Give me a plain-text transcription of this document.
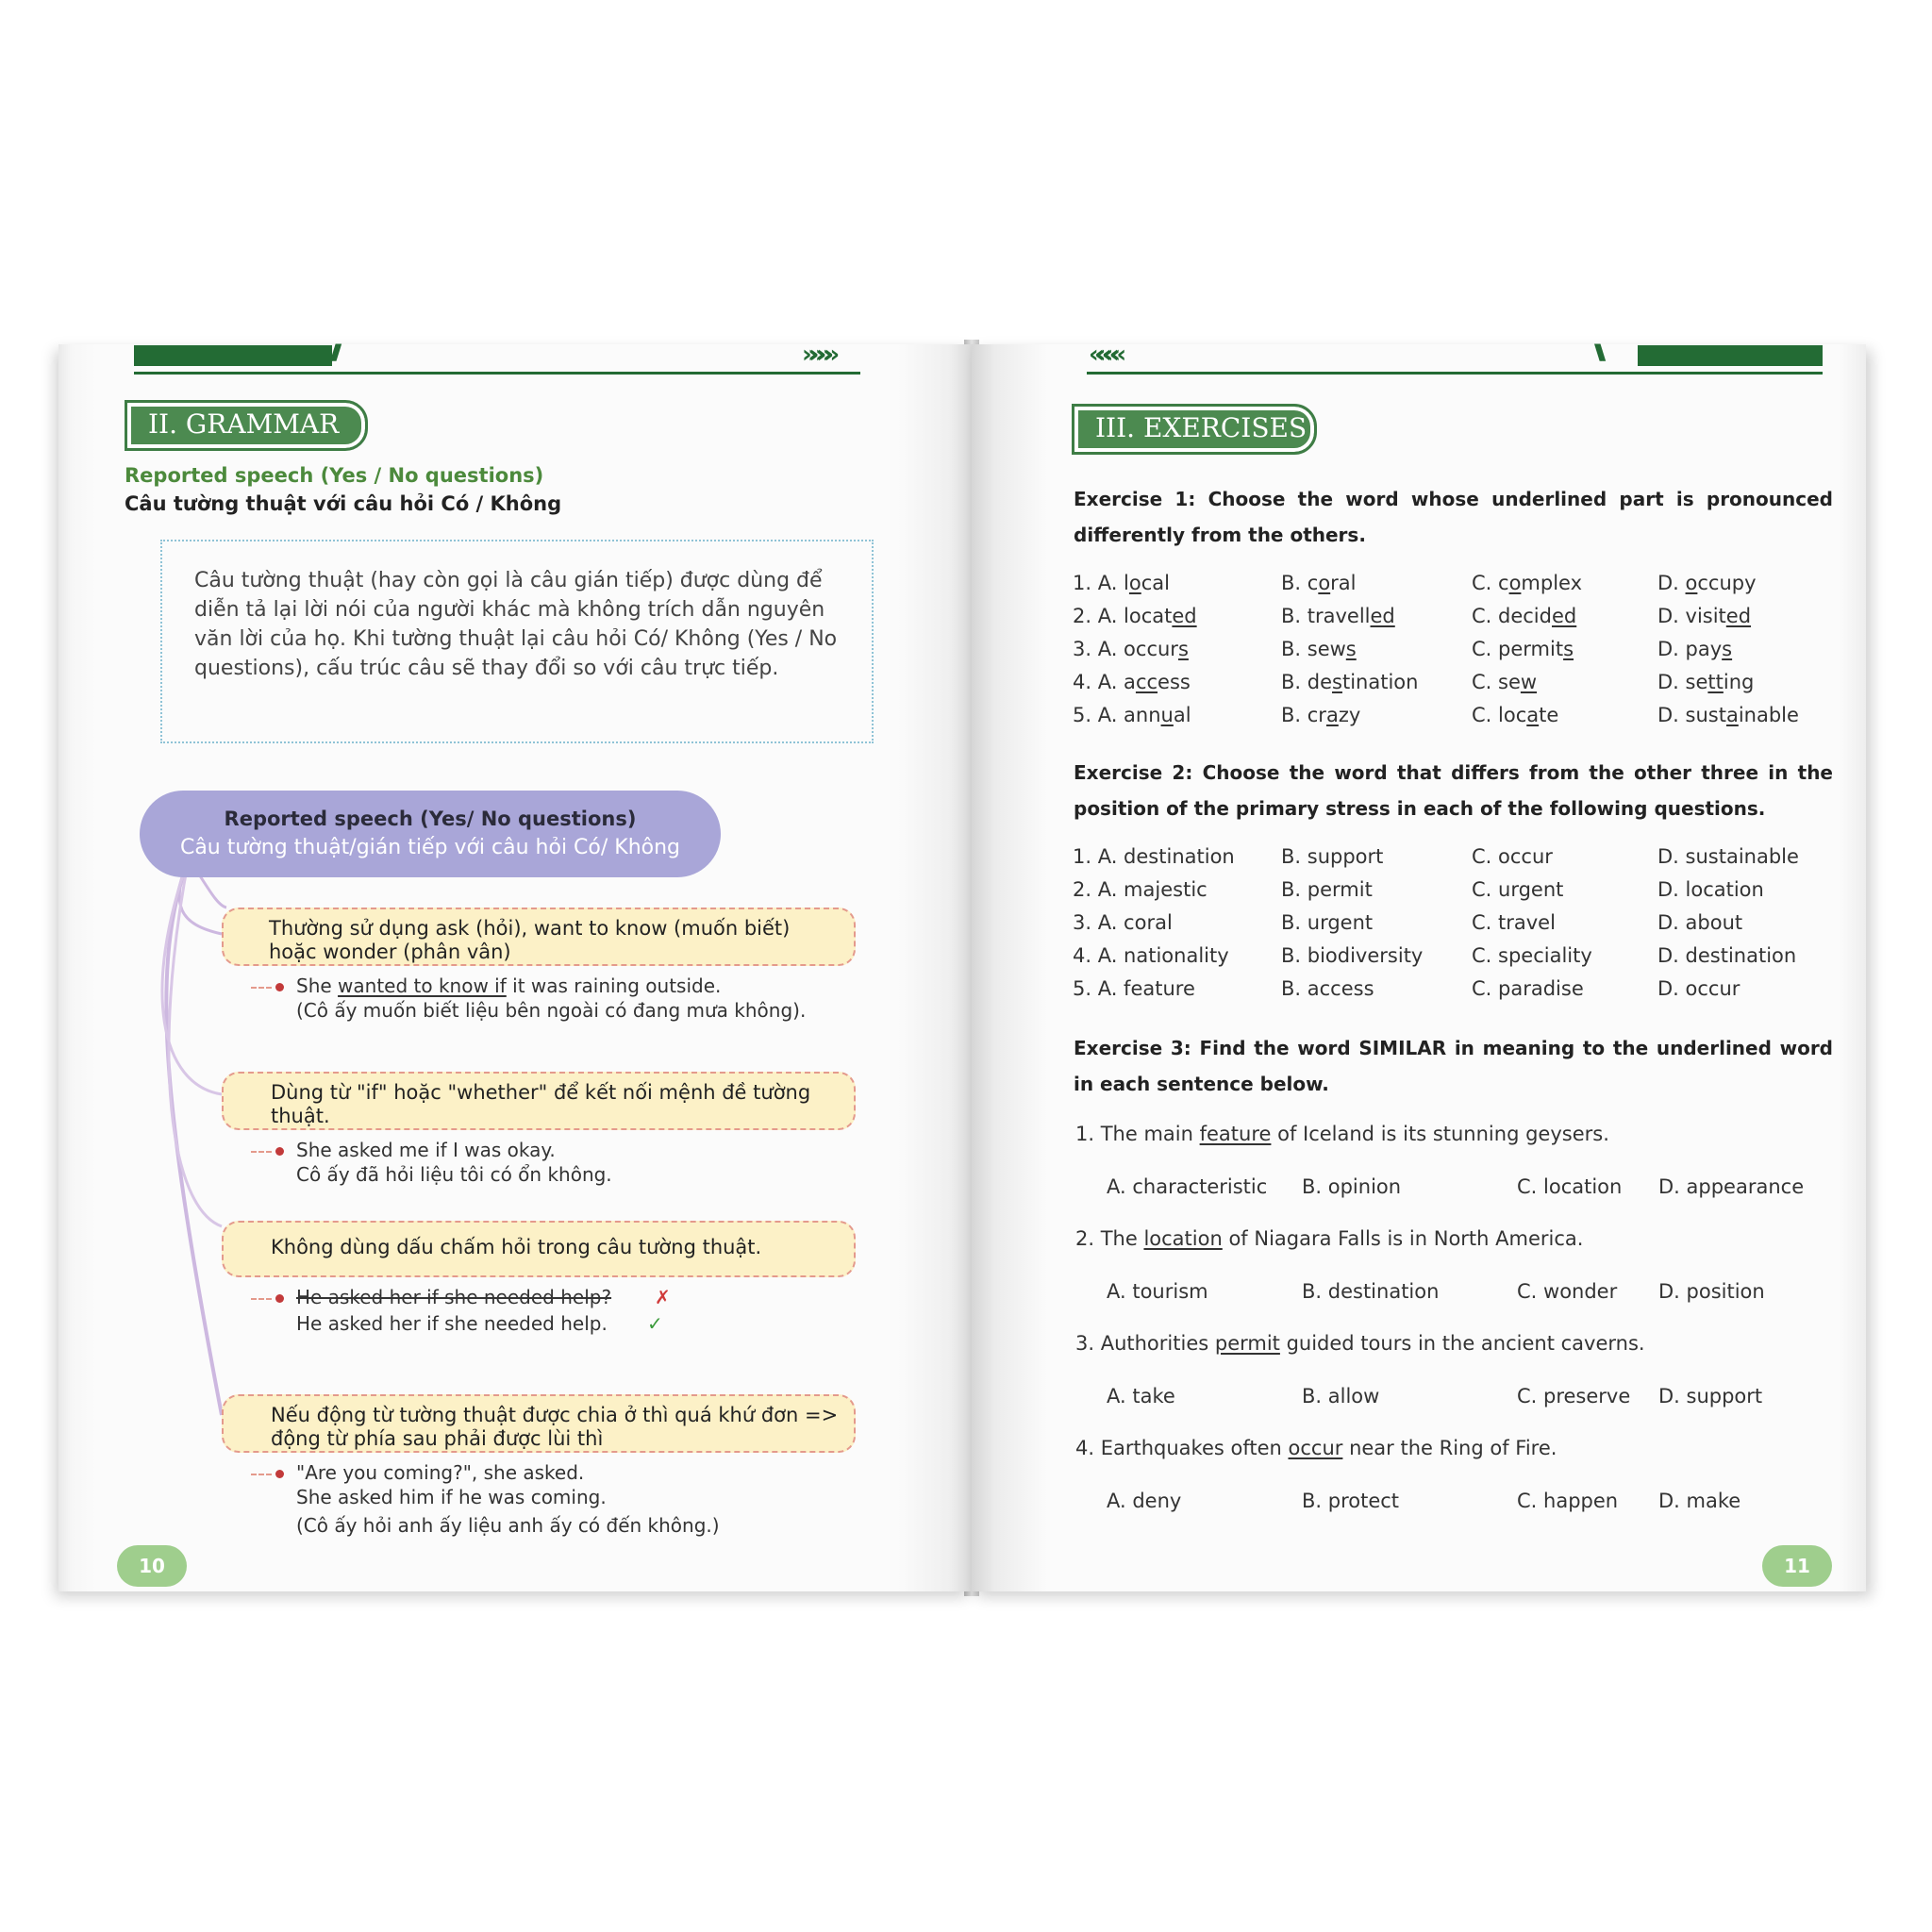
///	»»»»
II. GRAMMAR
Reported speech (Yes / No questions)
Câu tường thuật với câu hỏi Có / Không
Câu tường thuật (hay còn gọi là câu gián tiếp) được dùng để diễn tả lại lời nói của người khác mà không trích dẫn nguyên văn lời của họ. Khi tường thuật lại câu hỏi Có/ Không (Yes / No questions), cấu trúc câu sẽ thay đổi so với câu trực tiếp.
Reported speech (Yes/ No questions)
Câu tường thuật/gián tiếp với câu hỏi Có/ Không
Thường sử dụng ask (hỏi), want to know (muốn biết) hoặc wonder (phân vân)
She wanted to know if it was raining outside.
(Cô ấy muốn biết liệu bên ngoài có đang mưa không).
Dùng từ "if" hoặc "whether" để kết nối mệnh đề tường thuật.
She asked me if I was okay.
Cô ấy đã hỏi liệu tôi có ổn không.
Không dùng dấu chấm hỏi trong câu tường thuật.
He asked her if she needed help? ✗
He asked her if she needed help. ✓
Nếu động từ tường thuật được chia ở thì quá khứ đơn => động từ phía sau phải được lùi thì
"Are you coming?", she asked.
She asked him if he was coming.
(Cô ấy hỏi anh ấy liệu anh ấy có đến không.)
10
««««	\\\
III. EXERCISES
Exercise 1: Choose the word whose underlined part is pronounced differently from the others.
1. A. local	B. coral	C. complex	D. occupy
2. A. located	B. travelled	C. decided	D. visited
3. A. occurs	B. sews	C. permits	D. pays
4. A. access	B. destination	C. sew	D. setting
5. A. annual	B. crazy	C. locate	D. sustainable
Exercise 2: Choose the word that differs from the other three in the position of the primary stress in each of the following questions.
1. A. destination B. support	C. occur	D. sustainable
2. A. majestic	B. permit	C. urgent	D. location
3. A. coral	B. urgent	C. travel	D. about
4. A. nationality	B. biodiversity C. speciality	D. destination
5. A. feature	B. access	C. paradise	D. occur
Exercise 3: Find the word SIMILAR in meaning to the underlined word in each sentence below.
1. The main feature of Iceland is its stunning geysers.
A. characteristic B. opinion	C. location D. appearance
2. The location of Niagara Falls is in North America.
A. tourism	B. destination	C. wonder D. position
3. Authorities permit guided tours in the ancient caverns.
A. take	B. allow	C. preserve D. support
4. Earthquakes often occur near the Ring of Fire.
A. deny	B. protect	C. happen D. make
11
